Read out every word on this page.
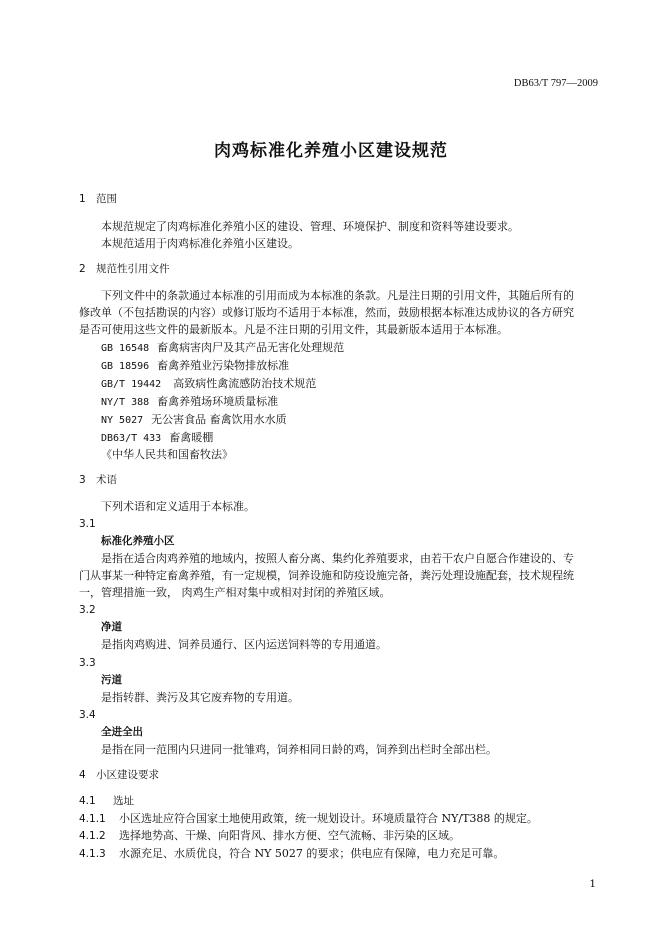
DB63/T 797—2009
肉鸡标准化养殖小区建设规范
1 范围
本规范规定了肉鸡标准化养殖小区的建设、管理、环境保护、制度和资料等建设要求。
本规范适用于肉鸡标准化养殖小区建设。
2 规范性引用文件
下列文件中的条款通过本标准的引用而成为本标准的条款。凡是注日期的引用文件，其随后所有的
修改单（不包括勘误的内容）或修订版均不适用于本标准，然而，鼓励根据本标准达成协议的各方研究
是否可使用这些文件的最新版本。凡是不注日期的引用文件，其最新版本适用于本标准。
GB 16548 畜禽病害肉尸及其产品无害化处理规范
GB 18596 畜禽养殖业污染物排放标准
GB/T 19442 高致病性禽流感防治技术规范
NY/T 388 畜禽养殖场环境质量标准
NY 5027 无公害食品 畜禽饮用水水质
DB63/T 433 畜禽暖棚
《中华人民共和国畜牧法》
3 术语
下列术语和定义适用于本标准。
3.1
标准化养殖小区
是指在适合肉鸡养殖的地域内，按照人畜分离、集约化养殖要求，由若干农户自愿合作建设的、专
门从事某一种特定畜禽养殖，有一定规模，饲养设施和防疫设施完备，粪污处理设施配套，技术规程统
一，管理措施一致， 肉鸡生产相对集中或相对封闭的养殖区域。
3.2
净道
是指肉鸡购进、饲养员通行、区内运送饲料等的专用通道。
3.3
污道
是指转群、粪污及其它废弃物的专用道。
3.4
全进全出
是指在同一范围内只进同一批雏鸡，饲养相同日龄的鸡，饲养到出栏时全部出栏。
4 小区建设要求
4.1 选址
4.1.1 小区选址应符合国家土地使用政策，统一规划设计。环境质量符合 NY/T388 的规定。
4.1.2 选择地势高、干燥、向阳背风、排水方便、空气流畅、非污染的区域。
4.1.3 水源充足、水质优良，符合 NY 5027 的要求；供电应有保障，电力充足可靠。
1
